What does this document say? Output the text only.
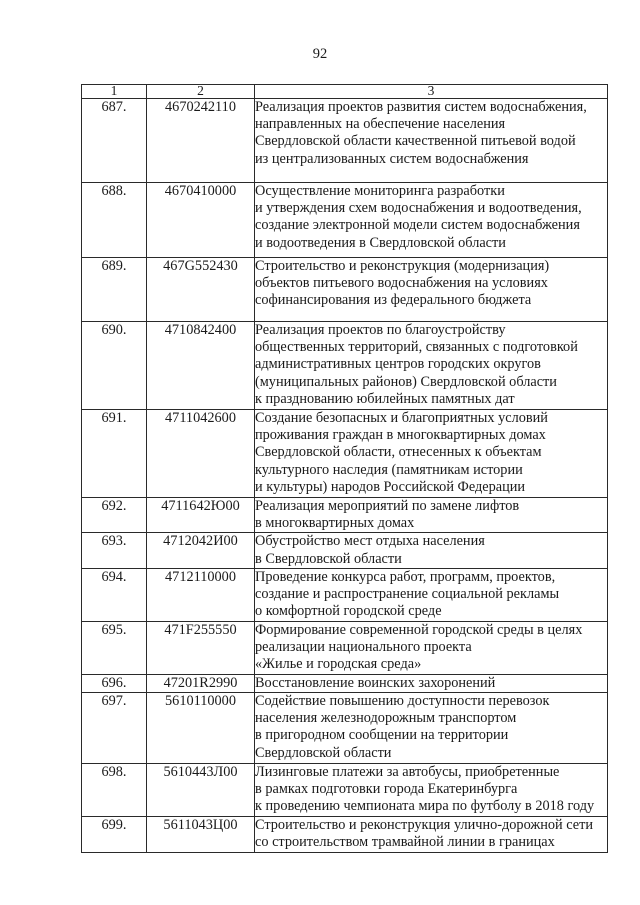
92
1	2	3
687.	4670242110	Реализация проектов развития систем водоснабжения,
направленных на обеспечение населения
Свердловской области качественной питьевой водой
из централизованных систем водоснабжения

688.	4670410000	Осуществление мониторинга разработки
и утверждения схем водоснабжения и водоотведения,
создание электронной модели систем водоснабжения
и водоотведения в Свердловской области

689.	467G552430	Строительство и реконструкция (модернизация)
объектов питьевого водоснабжения на условиях
софинансирования из федерального бюджета

690.	4710842400	Реализация проектов по благоустройству
общественных территорий, связанных с подготовкой
административных центров городских округов
(муниципальных районов) Свердловской области
к празднованию юбилейных памятных дат

691.	4711042600	Создание безопасных и благоприятных условий
проживания граждан в многоквартирных домах
Свердловской области, отнесенных к объектам
культурного наследия (памятникам истории
и культуры) народов Российской Федерации

692.	4711642Ю00	Реализация мероприятий по замене лифтов
в многоквартирных домах

693.	4712042И00	Обустройство мест отдыха населения
в Свердловской области

694.	4712110000	Проведение конкурса работ, программ, проектов,
создание и распространение социальной рекламы
о комфортной городской среде

695.	471F255550	Формирование современной городской среды в целях
реализации национального проекта
«Жилье и городская среда»

696.	47201R2990	Восстановление воинских захоронений

697.	5610110000	Содействие повышению доступности перевозок
населения железнодорожным транспортом
в пригородном сообщении на территории
Свердловской области

698.	5610443Л00	Лизинговые платежи за автобусы, приобретенные
в рамках подготовки города Екатеринбурга
к проведению чемпионата мира по футболу в 2018 году

699.	5611043Ц00	Строительство и реконструкция улично-дорожной сети
со строительством трамвайной линии в границах
